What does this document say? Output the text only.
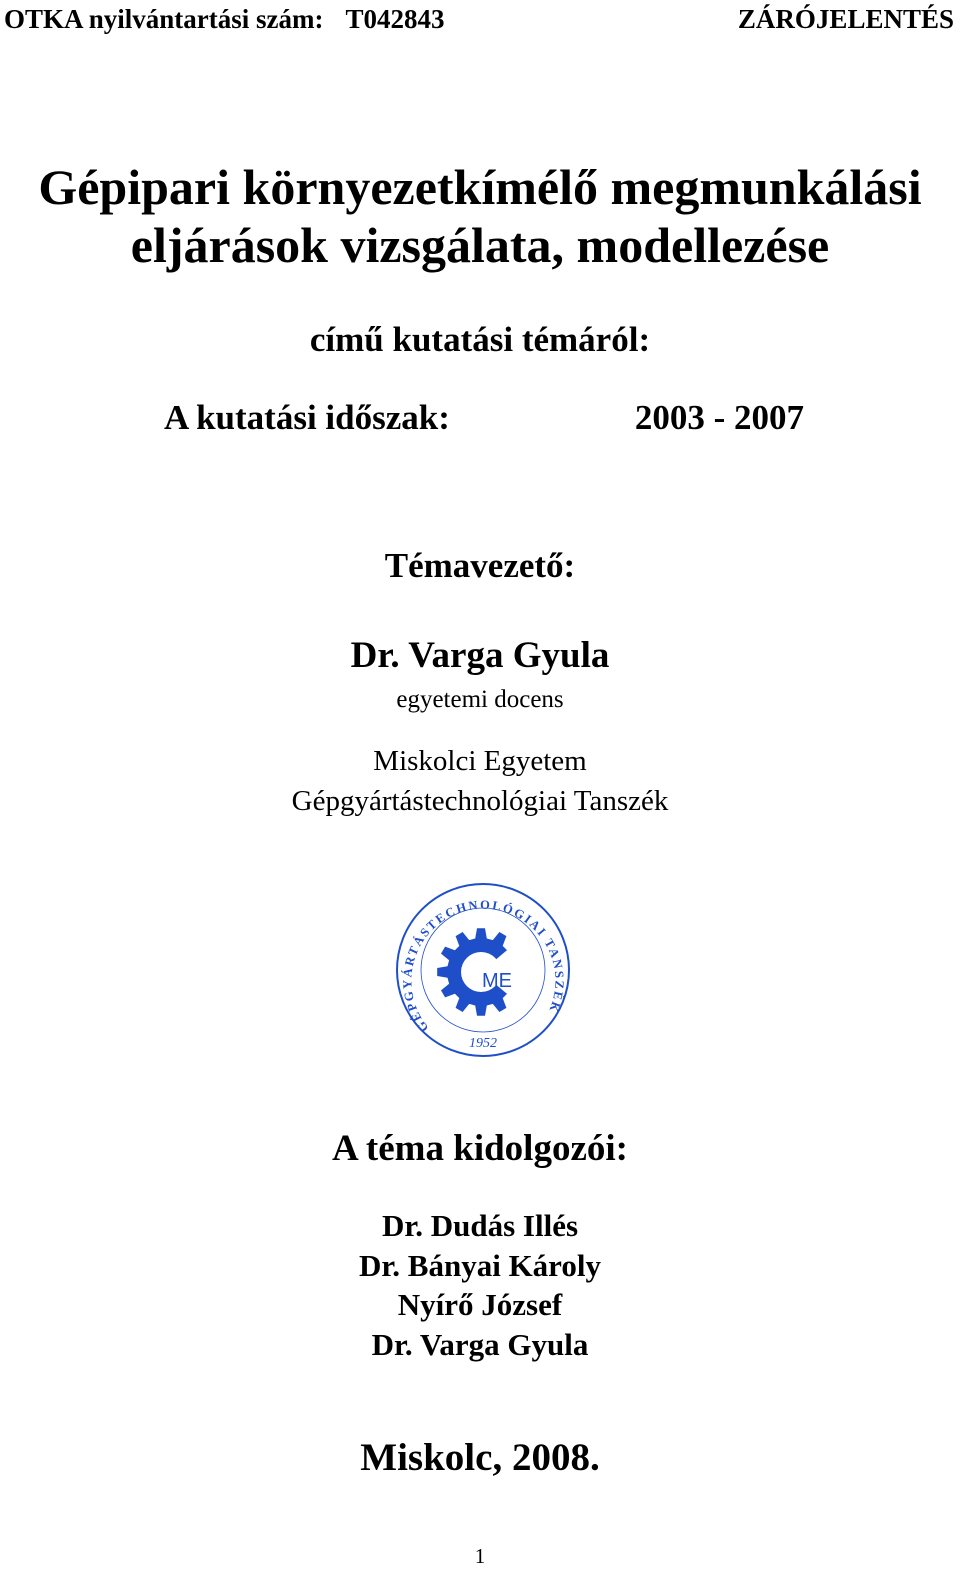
OTKA nyilvántartási szám: T042843	ZÁRÓJELENTÉS
Gépipari környezetkímélő megmunkálási
eljárások vizsgálata, modellezése
című kutatási témáról:
A kutatási időszak:	2003 - 2007
Témavezető:
Dr. Varga Gyula
egyetemi docens
Miskolci Egyetem
Gépgyártástechnológiai Tanszék
GÉPGYÁRTÁSTECHNOLÓGIAI TANSZÉK
ME
1952
A téma kidolgozói:
Dr. Dudás Illés
Dr. Bányai Károly
Nyírő József
Dr. Varga Gyula
Miskolc, 2008.
1
